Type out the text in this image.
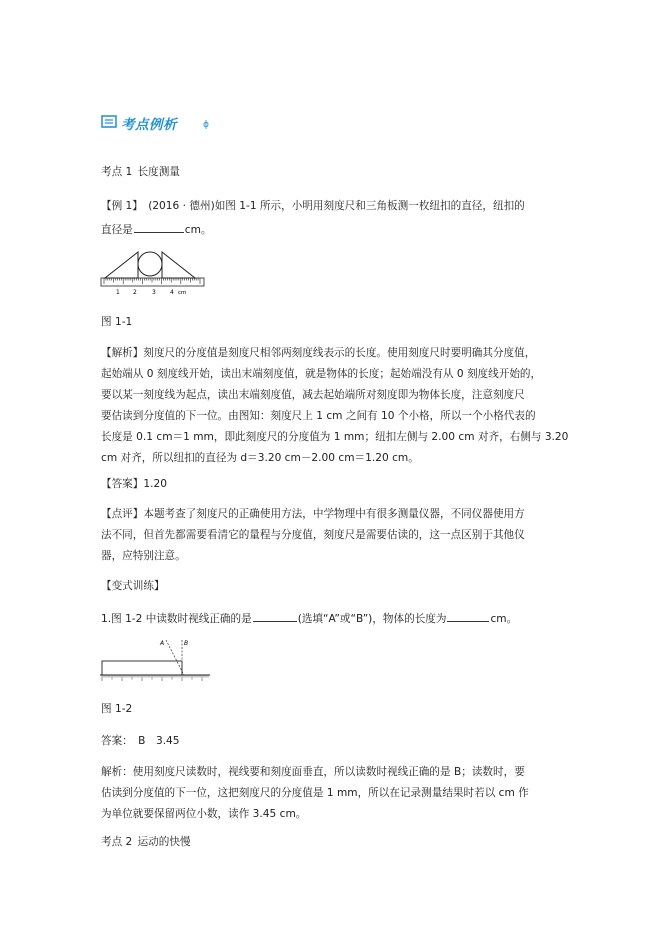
考点例析	ɸ
考点 1  长度测量
【例 1】  (2016 · 德州)如图 1-1 所示，小明用刻度尺和三角板测一枚纽扣的直径，纽扣的
直径是	cm。
1 2	3 4 cm
图 1-1
【解析】刻度尺的分度值是刻度尺相邻两刻度线表示的长度。使用刻度尺时要明确其分度值，
起始端从 0 刻度线开始，读出末端刻度值，就是物体的长度；起始端没有从 0 刻度线开始的，
要以某一刻度线为起点，读出末端刻度值，减去起始端所对刻度即为物体长度，注意刻度尺
要估读到分度值的下一位。由图知：刻度尺上 1 cm 之间有 10 个小格，所以一个小格代表的
长度是 0.1 cm＝1 mm，即此刻度尺的分度值为 1 mm；纽扣左侧与 2.00 cm 对齐，右侧与 3.20
cm 对齐，所以纽扣的直径为 d＝3.20 cm－2.00 cm＝1.20 cm。
【答案】1.20
【点评】本题考查了刻度尺的正确使用方法，中学物理中有很多测量仪器，不同仪器使用方
法不同，但首先都需要看清它的量程与分度值，刻度尺是需要估读的，这一点区别于其他仪
器，应特别注意。
【变式训练】
1.图 1-2 中读数时视线正确的是	(选填“A”或“B”)，物体的长度为	cm。
A	B
图 1-2
答案：  B  3.45
解析：使用刻度尺读数时，视线要和刻度面垂直，所以读数时视线正确的是 B；读数时，要
估读到分度值的下一位，这把刻度尺的分度值是 1 mm，所以在记录测量结果时若以 cm 作
为单位就要保留两位小数，读作 3.45 cm。
考点 2  运动的快慢
